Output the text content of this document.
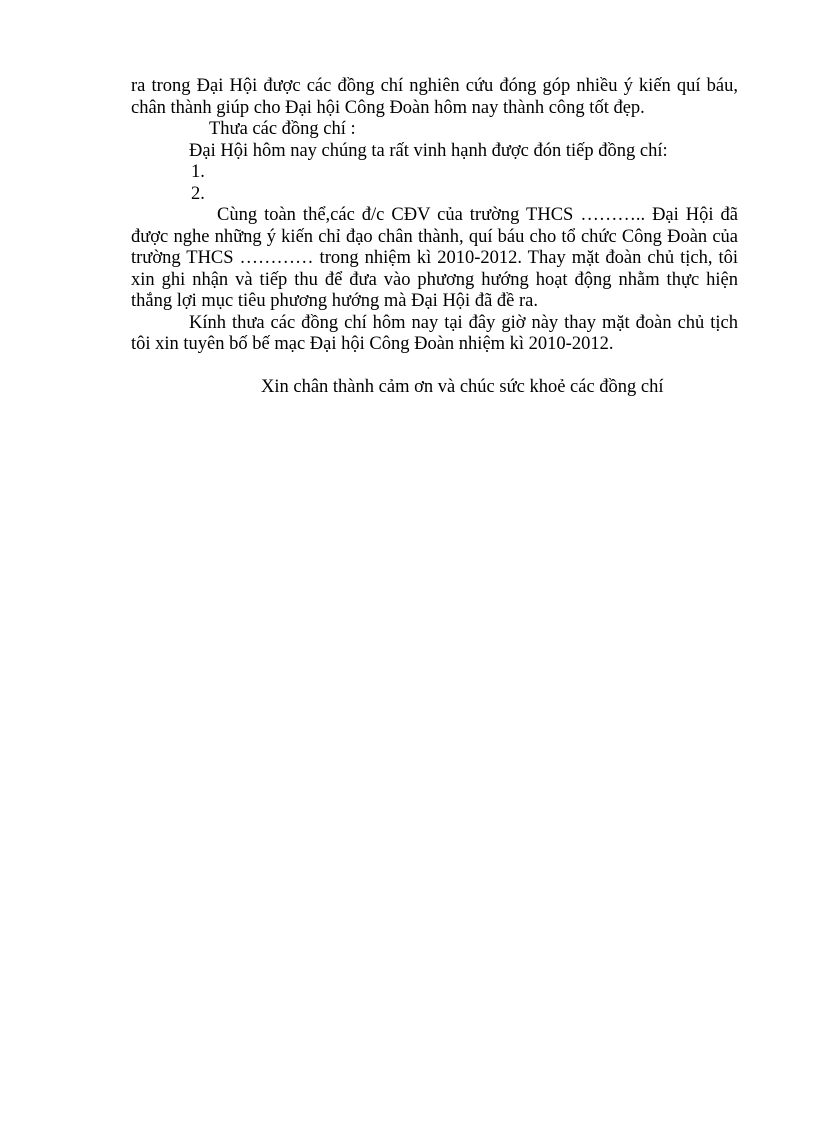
ra trong Đại Hội được các đồng chí nghiên cứu đóng góp nhiều ý kiến quí báu, chân thành giúp cho Đại hội Công Đoàn hôm nay thành công tốt đẹp.

Thưa các đồng chí :

Đại Hội hôm nay chúng ta rất vinh hạnh được đón tiếp đồng chí:

1.

2.

Cùng toàn thể,các đ/c CĐV của trường THCS ……….. Đại Hội đã được nghe những ý kiến chỉ đạo chân thành, quí báu cho tổ chức Công Đoàn của trường THCS ………… trong nhiệm kì 2010-2012. Thay mặt đoàn chủ tịch, tôi xin ghi nhận và tiếp thu để đưa vào phương hướng hoạt động nhằm thực hiện thắng lợi mục tiêu phương hướng mà Đại Hội đã đề ra.

Kính thưa các đồng chí hôm nay tại đây giờ này thay mặt đoàn chủ tịch tôi xin tuyên bố bế mạc Đại hội Công Đoàn nhiệm kì 2010-2012.

Xin chân thành cảm ơn và chúc sức khoẻ các đồng chí
